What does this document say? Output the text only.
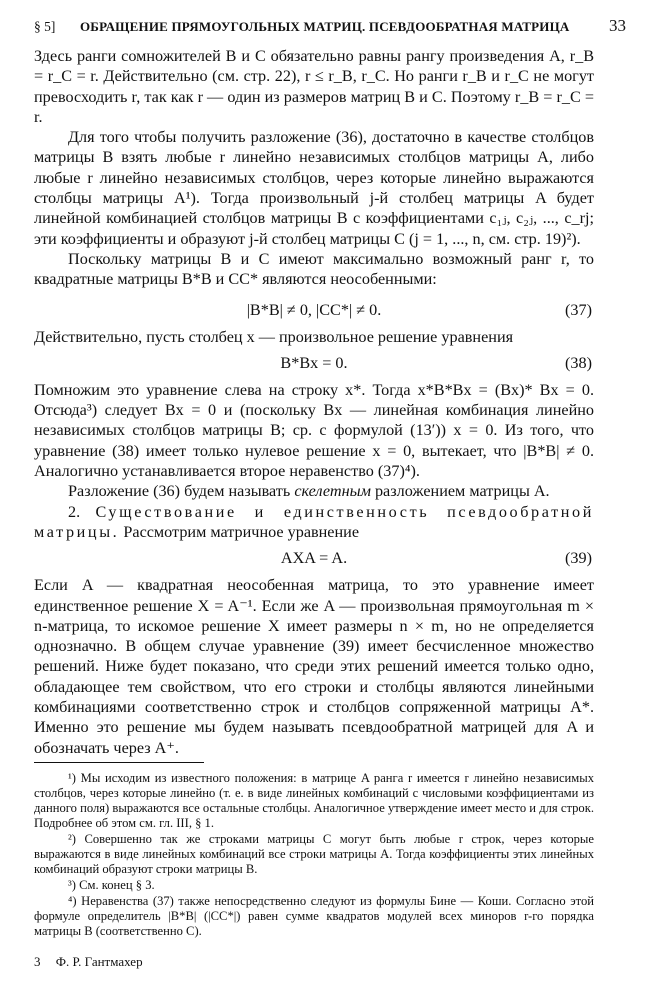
§ 5] ОБРАЩЕНИЕ ПРЯМОУГОЛЬНЫХ МАТРИЦ. ПСЕВДООБРАТНАЯ МАТРИЦА 33

Здесь ранги сомножителей B и C обязательно равны рангу произведения A, r_B = r_C = r. Действительно (см. стр. 22), r ≤ r_B, r_C. Но ранги r_B и r_C не могут превосходить r, так как r — один из размеров матриц B и C. Поэтому r_B = r_C = r.

Для того чтобы получить разложение (36), достаточно в качестве столбцов матрицы B взять любые r линейно независимых столбцов матрицы A, либо любые r линейно независимых столбцов, через которые линейно выражаются столбцы матрицы A¹). Тогда произвольный j-й столбец матрицы A будет линейной комбинацией столбцов матрицы B с коэффициентами c₁ⱼ, c₂ⱼ, ..., c_rj; эти коэффициенты и образуют j-й столбец матрицы C (j = 1, ..., n, см. стр. 19)²).

Поскольку матрицы B и C имеют максимально возможный ранг r, то квадратные матрицы B*B и CC* являются неособенными:

|B*B| ≠ 0, |CC*| ≠ 0.	(37)

Действительно, пусть столбец x — произвольное решение уравнения

B*Bx = 0.	(38)

Помножим это уравнение слева на строку x*. Тогда x*B*Bx = (Bx)* Bx = 0. Отсюда³) следует Bx = 0 и (поскольку Bx — линейная комбинация линейно независимых столбцов матрицы B; ср. с формулой (13′)) x = 0. Из того, что уравнение (38) имеет только нулевое решение x = 0, вытекает, что |B*B| ≠ 0. Аналогично устанавливается второе неравенство (37)⁴).

Разложение (36) будем называть скелетным разложением матрицы A.

2. Существование и единственность псевдообратной матрицы. Рассмотрим матричное уравнение

AXA = A.	(39)

Если A — квадратная неособенная матрица, то это уравнение имеет единственное решение X = A⁻¹. Если же A — произвольная прямоугольная m × n-матрица, то искомое решение X имеет размеры n × m, но не определяется однозначно. В общем случае уравнение (39) имеет бесчисленное множество решений. Ниже будет показано, что среди этих решений имеется только одно, обладающее тем свойством, что его строки и столбцы являются линейными комбинациями соответственно строк и столбцов сопряженной матрицы A*. Именно это решение мы будем называть псевдообратной матрицей для A и обозначать через A⁺.

¹) Мы исходим из известного положения: в матрице A ранга r имеется r линейно независимых столбцов, через которые линейно (т. е. в виде линейных комбинаций с числовыми коэффициентами из данного поля) выражаются все остальные столбцы. Аналогичное утверждение имеет место и для строк. Подробнее об этом см. гл. III, § 1.

²) Совершенно так же строками матрицы C могут быть любые r строк, через которые выражаются в виде линейных комбинаций все строки матрицы A. Тогда коэффициенты этих линейных комбинаций образуют строки матрицы B.

³) См. конец § 3.

⁴) Неравенства (37) также непосредственно следуют из формулы Бине — Коши. Согласно этой формуле определитель |B*B| (|CC*|) равен сумме квадратов модулей всех миноров r-го порядка матрицы B (соответственно C).

3 Ф. Р. Гантмахер
